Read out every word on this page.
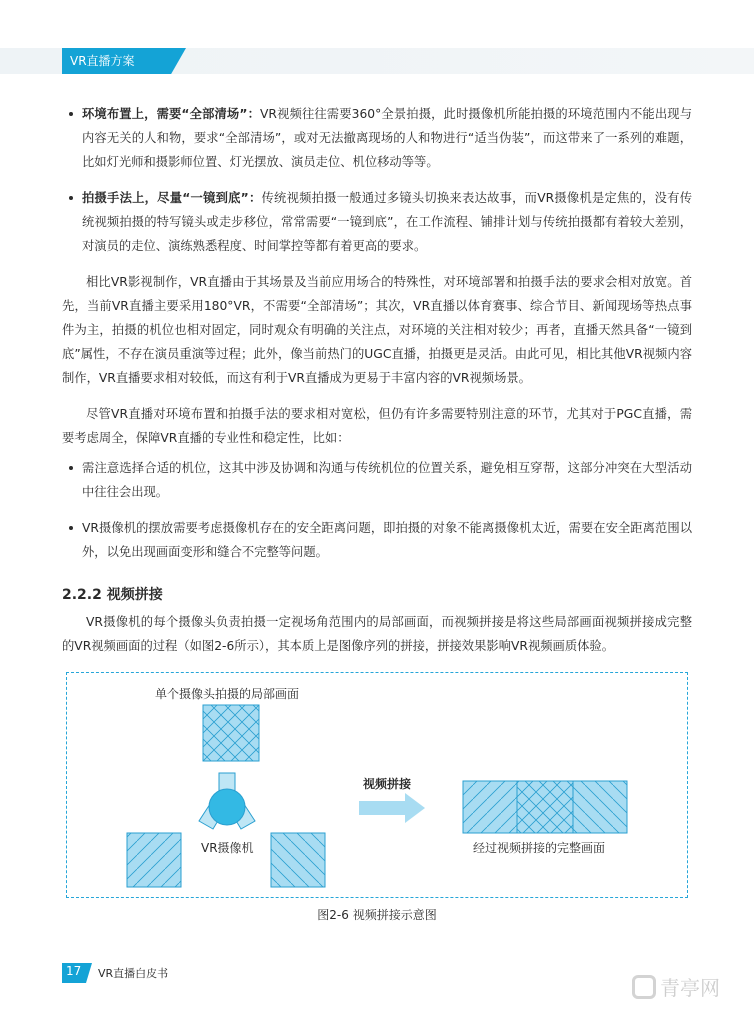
VR直播方案
环境布置上，需要“全部清场”：VR视频往往需要360°全景拍摄，此时摄像机所能拍摄的环境范围内不能出现与内容无关的人和物，要求“全部清场”，或对无法撤离现场的人和物进行“适当伪装”，而这带来了一系列的难题，比如灯光师和摄影师位置、灯光摆放、演员走位、机位移动等等。
拍摄手法上，尽量“一镜到底”：传统视频拍摄一般通过多镜头切换来表达故事，而VR摄像机是定焦的，没有传统视频拍摄的特写镜头或走步移位，常常需要“一镜到底”，在工作流程、铺排计划与传统拍摄都有着较大差别，对演员的走位、演练熟悉程度、时间掌控等都有着更高的要求。

相比VR影视制作，VR直播由于其场景及当前应用场合的特殊性，对环境部署和拍摄手法的要求会相对放宽。首先，当前VR直播主要采用180°VR，不需要“全部清场”；其次，VR直播以体育赛事、综合节目、新闻现场等热点事件为主，拍摄的机位也相对固定，同时观众有明确的关注点，对环境的关注相对较少；再者，直播天然具备“一镜到底”属性，不存在演员重演等过程；此外，像当前热门的UGC直播，拍摄更是灵活。由此可见，相比其他VR视频内容制作，VR直播要求相对较低，而这有利于VR直播成为更易于丰富内容的VR视频场景。

尽管VR直播对环境布置和拍摄手法的要求相对宽松，但仍有许多需要特别注意的环节，尤其对于PGC直播，需要考虑周全，保障VR直播的专业性和稳定性，比如：

需注意选择合适的机位，这其中涉及协调和沟通与传统机位的位置关系，避免相互穿帮，这部分冲突在大型活动中往往会出现。
VR摄像机的摆放需要考虑摄像机存在的安全距离问题，即拍摄的对象不能离摄像机太近，需要在安全距离范围以外，以免出现画面变形和缝合不完整等问题。
2.2.2 视频拼接

VR摄像机的每个摄像头负责拍摄一定视场角范围内的局部画面，而视频拼接是将这些局部画面视频拼接成完整的VR视频画面的过程（如图2-6所示），其本质上是图像序列的拼接，拼接效果影响VR视频画质体验。

单个摄像头拍摄的局部画面
VR摄像机
视频拼接
经过视频拼接的完整画面
图2-6 视频拼接示意图
17 VR直播白皮书
青亭网
